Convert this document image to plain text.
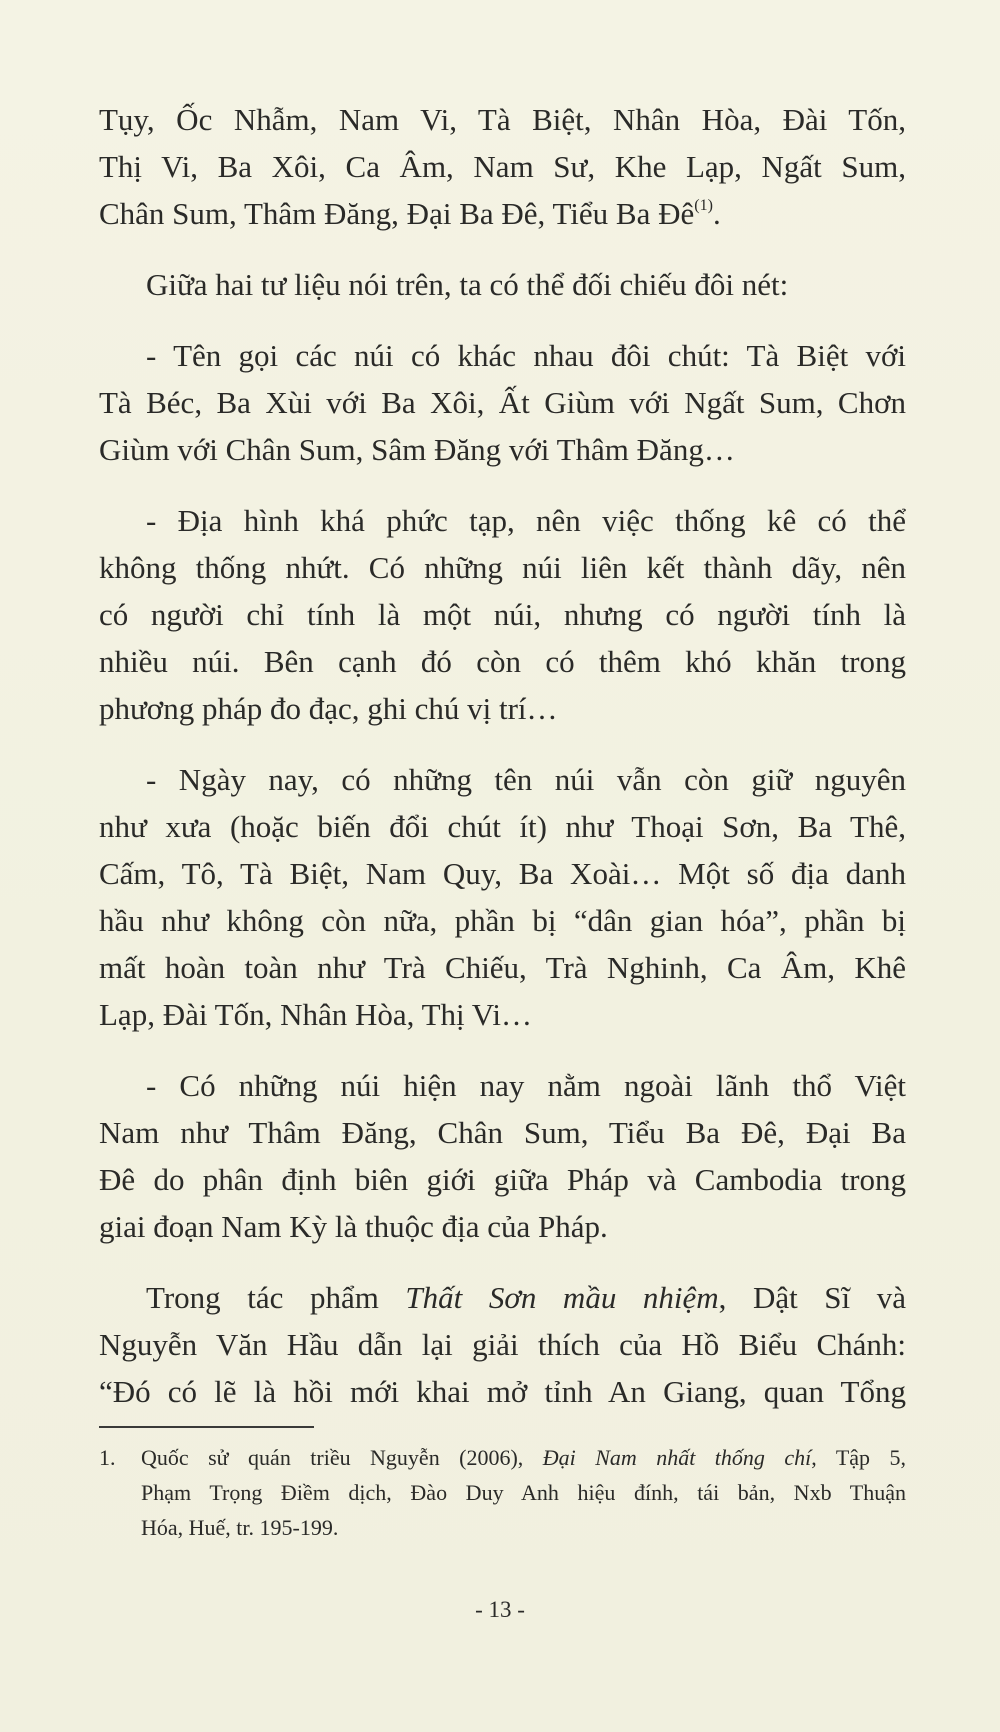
Tụy, Ốc Nhẫm, Nam Vi, Tà Biệt, Nhân Hòa, Đài Tốn,
Thị Vi, Ba Xôi, Ca Âm, Nam Sư, Khe Lạp, Ngất Sum,
Chân Sum, Thâm Đăng, Đại Ba Đê, Tiểu Ba Đê$^{(1)}$.
Giữa hai tư liệu nói trên, ta có thể đối chiếu đôi nét:
- Tên gọi các núi có khác nhau đôi chút: Tà Biệt với
Tà Béc, Ba Xùi với Ba Xôi, Ất Giùm với Ngất Sum, Chơn
Giùm với Chân Sum, Sâm Đăng với Thâm Đăng…
- Địa hình khá phức tạp, nên việc thống kê có thể
không thống nhứt. Có những núi liên kết thành dãy, nên
có người chỉ tính là một núi, nhưng có người tính là
nhiều núi. Bên cạnh đó còn có thêm khó khăn trong
phương pháp đo đạc, ghi chú vị trí…
- Ngày nay, có những tên núi vẫn còn giữ nguyên
như xưa (hoặc biến đổi chút ít) như Thoại Sơn, Ba Thê,
Cấm, Tô, Tà Biệt, Nam Quy, Ba Xoài… Một số địa danh
hầu như không còn nữa, phần bị “dân gian hóa”, phần bị
mất hoàn toàn như Trà Chiếu, Trà Nghinh, Ca Âm, Khê
Lạp, Đài Tốn, Nhân Hòa, Thị Vi…
- Có những núi hiện nay nằm ngoài lãnh thổ Việt
Nam như Thâm Đăng, Chân Sum, Tiểu Ba Đê, Đại Ba
Đê do phân định biên giới giữa Pháp và Cambodia trong
giai đoạn Nam Kỳ là thuộc địa của Pháp.
Trong tác phẩm Thất Sơn mầu nhiệm, Dật Sĩ và
Nguyễn Văn Hầu dẫn lại giải thích của Hồ Biểu Chánh:
“Đó có lẽ là hồi mới khai mở tỉnh An Giang, quan Tổng
1.	Quốc sử quán triều Nguyễn (2006), Đại Nam nhất thống chí, Tập 5,
Phạm Trọng Điềm dịch, Đào Duy Anh hiệu đính, tái bản, Nxb Thuận
Hóa, Huế, tr. 195-199.
- 13 -
